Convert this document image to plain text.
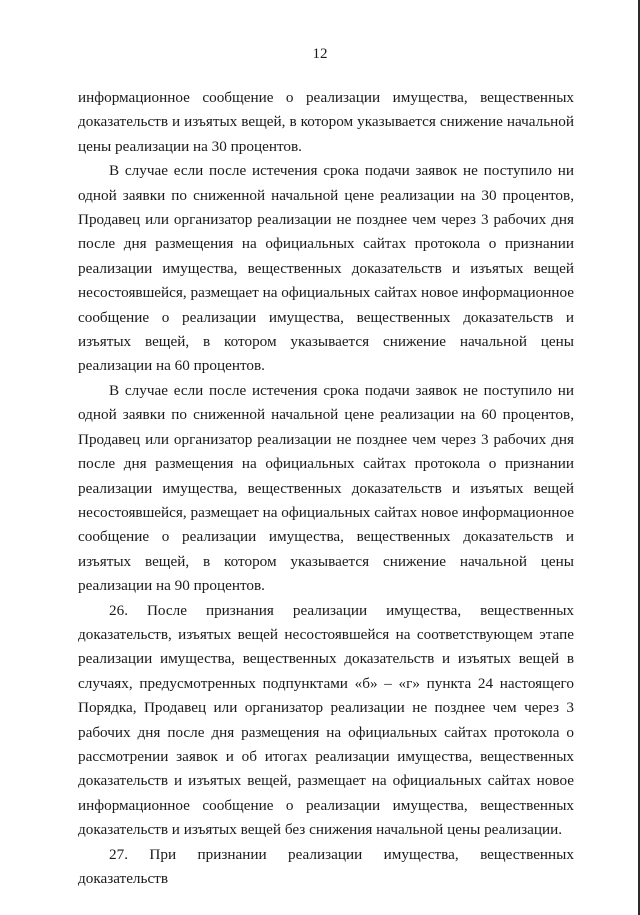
12

информационное сообщение о реализации имущества, вещественных доказательств и изъятых вещей, в котором указывается снижение начальной цены реализации на 30 процентов.

В случае если после истечения срока подачи заявок не поступило ни одной заявки по сниженной начальной цене реализации на 30 процентов, Продавец или организатор реализации не позднее чем через 3 рабочих дня после дня размещения на официальных сайтах протокола о признании реализации имущества, вещественных доказательств и изъятых вещей несостоявшейся, размещает на официальных сайтах новое информационное сообщение о реализации имущества, вещественных доказательств и изъятых вещей, в котором указывается снижение начальной цены реализации на 60 процентов.

В случае если после истечения срока подачи заявок не поступило ни одной заявки по сниженной начальной цене реализации на 60 процентов, Продавец или организатор реализации не позднее чем через 3 рабочих дня после дня размещения на официальных сайтах протокола о признании реализации имущества, вещественных доказательств и изъятых вещей несостоявшейся, размещает на официальных сайтах новое информационное сообщение о реализации имущества, вещественных доказательств и изъятых вещей, в котором указывается снижение начальной цены реализации на 90 процентов.

26. После признания реализации имущества, вещественных доказательств, изъятых вещей несостоявшейся на соответствующем этапе реализации имущества, вещественных доказательств и изъятых вещей в случаях, предусмотренных подпунктами «б» – «г» пункта 24 настоящего Порядка, Продавец или организатор реализации не позднее чем через 3 рабочих дня после дня размещения на официальных сайтах протокола о рассмотрении заявок и об итогах реализации имущества, вещественных доказательств и изъятых вещей, размещает на официальных сайтах новое информационное сообщение о реализации имущества, вещественных доказательств и изъятых вещей без снижения начальной цены реализации.

27. При признании реализации имущества, вещественных доказательств
